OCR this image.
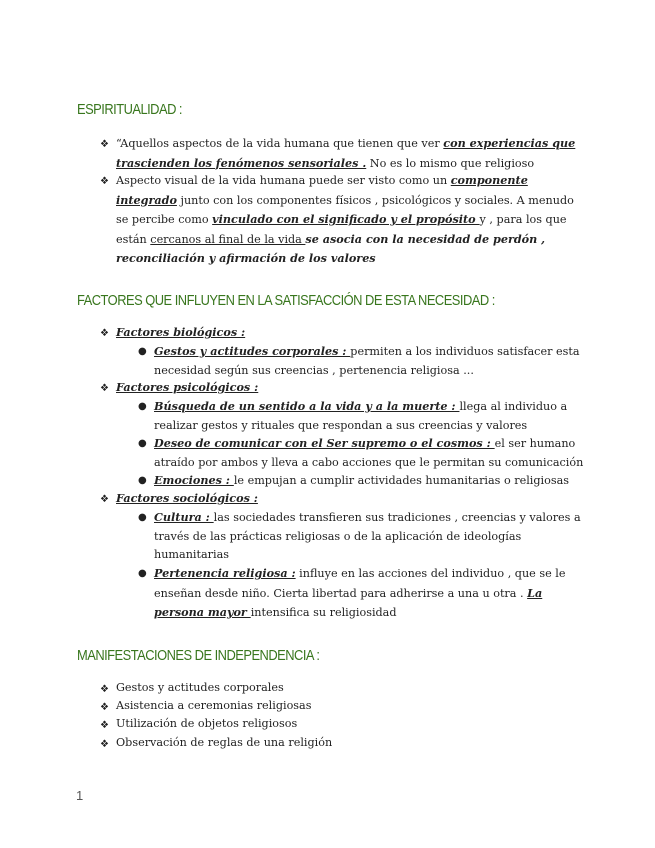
ESPIRITUALIDAD :
❖ “Aquellos aspectos de la vida humana que tienen que ver con experiencias que
trascienden los fenómenos sensoriales . No es lo mismo que religioso
❖ Aspecto visual de la vida humana puede ser visto como un componente
integrado junto con los componentes físicos , psicológicos y sociales. A menudo
se percibe como vinculado con el significado y el propósito y , para los que
están cercanos al final de la vida se asocia con la necesidad de perdón ,
reconciliación y afirmación de los valores
FACTORES QUE INFLUYEN EN LA SATISFACCIÓN DE ESTA NECESIDAD :
❖ Factores biológicos :
● Gestos y actitudes corporales : permiten a los individuos satisfacer esta
necesidad según sus creencias , pertenencia religiosa ...
❖ Factores psicológicos :
● Búsqueda de un sentido a la vida y a la muerte : llega al individuo a
realizar gestos y rituales que respondan a sus creencias y valores
● Deseo de comunicar con el Ser supremo o el cosmos : el ser humano
atraído por ambos y lleva a cabo acciones que le permitan su comunicación
● Emociones : le empujan a cumplir actividades humanitarias o religiosas
❖ Factores sociológicos :
● Cultura : las sociedades transfieren sus tradiciones , creencias y valores a
través de las prácticas religiosas o de la aplicación de ideologías
humanitarias
● Pertenencia religiosa : influye en las acciones del individuo , que se le
enseñan desde niño. Cierta libertad para adherirse a una u otra . La
persona mayor intensifica su religiosidad
MANIFESTACIONES DE INDEPENDENCIA :
❖ Gestos y actitudes corporales
❖ Asistencia a ceremonias religiosas
❖ Utilización de objetos religiosos
❖ Observación de reglas de una religión
1
